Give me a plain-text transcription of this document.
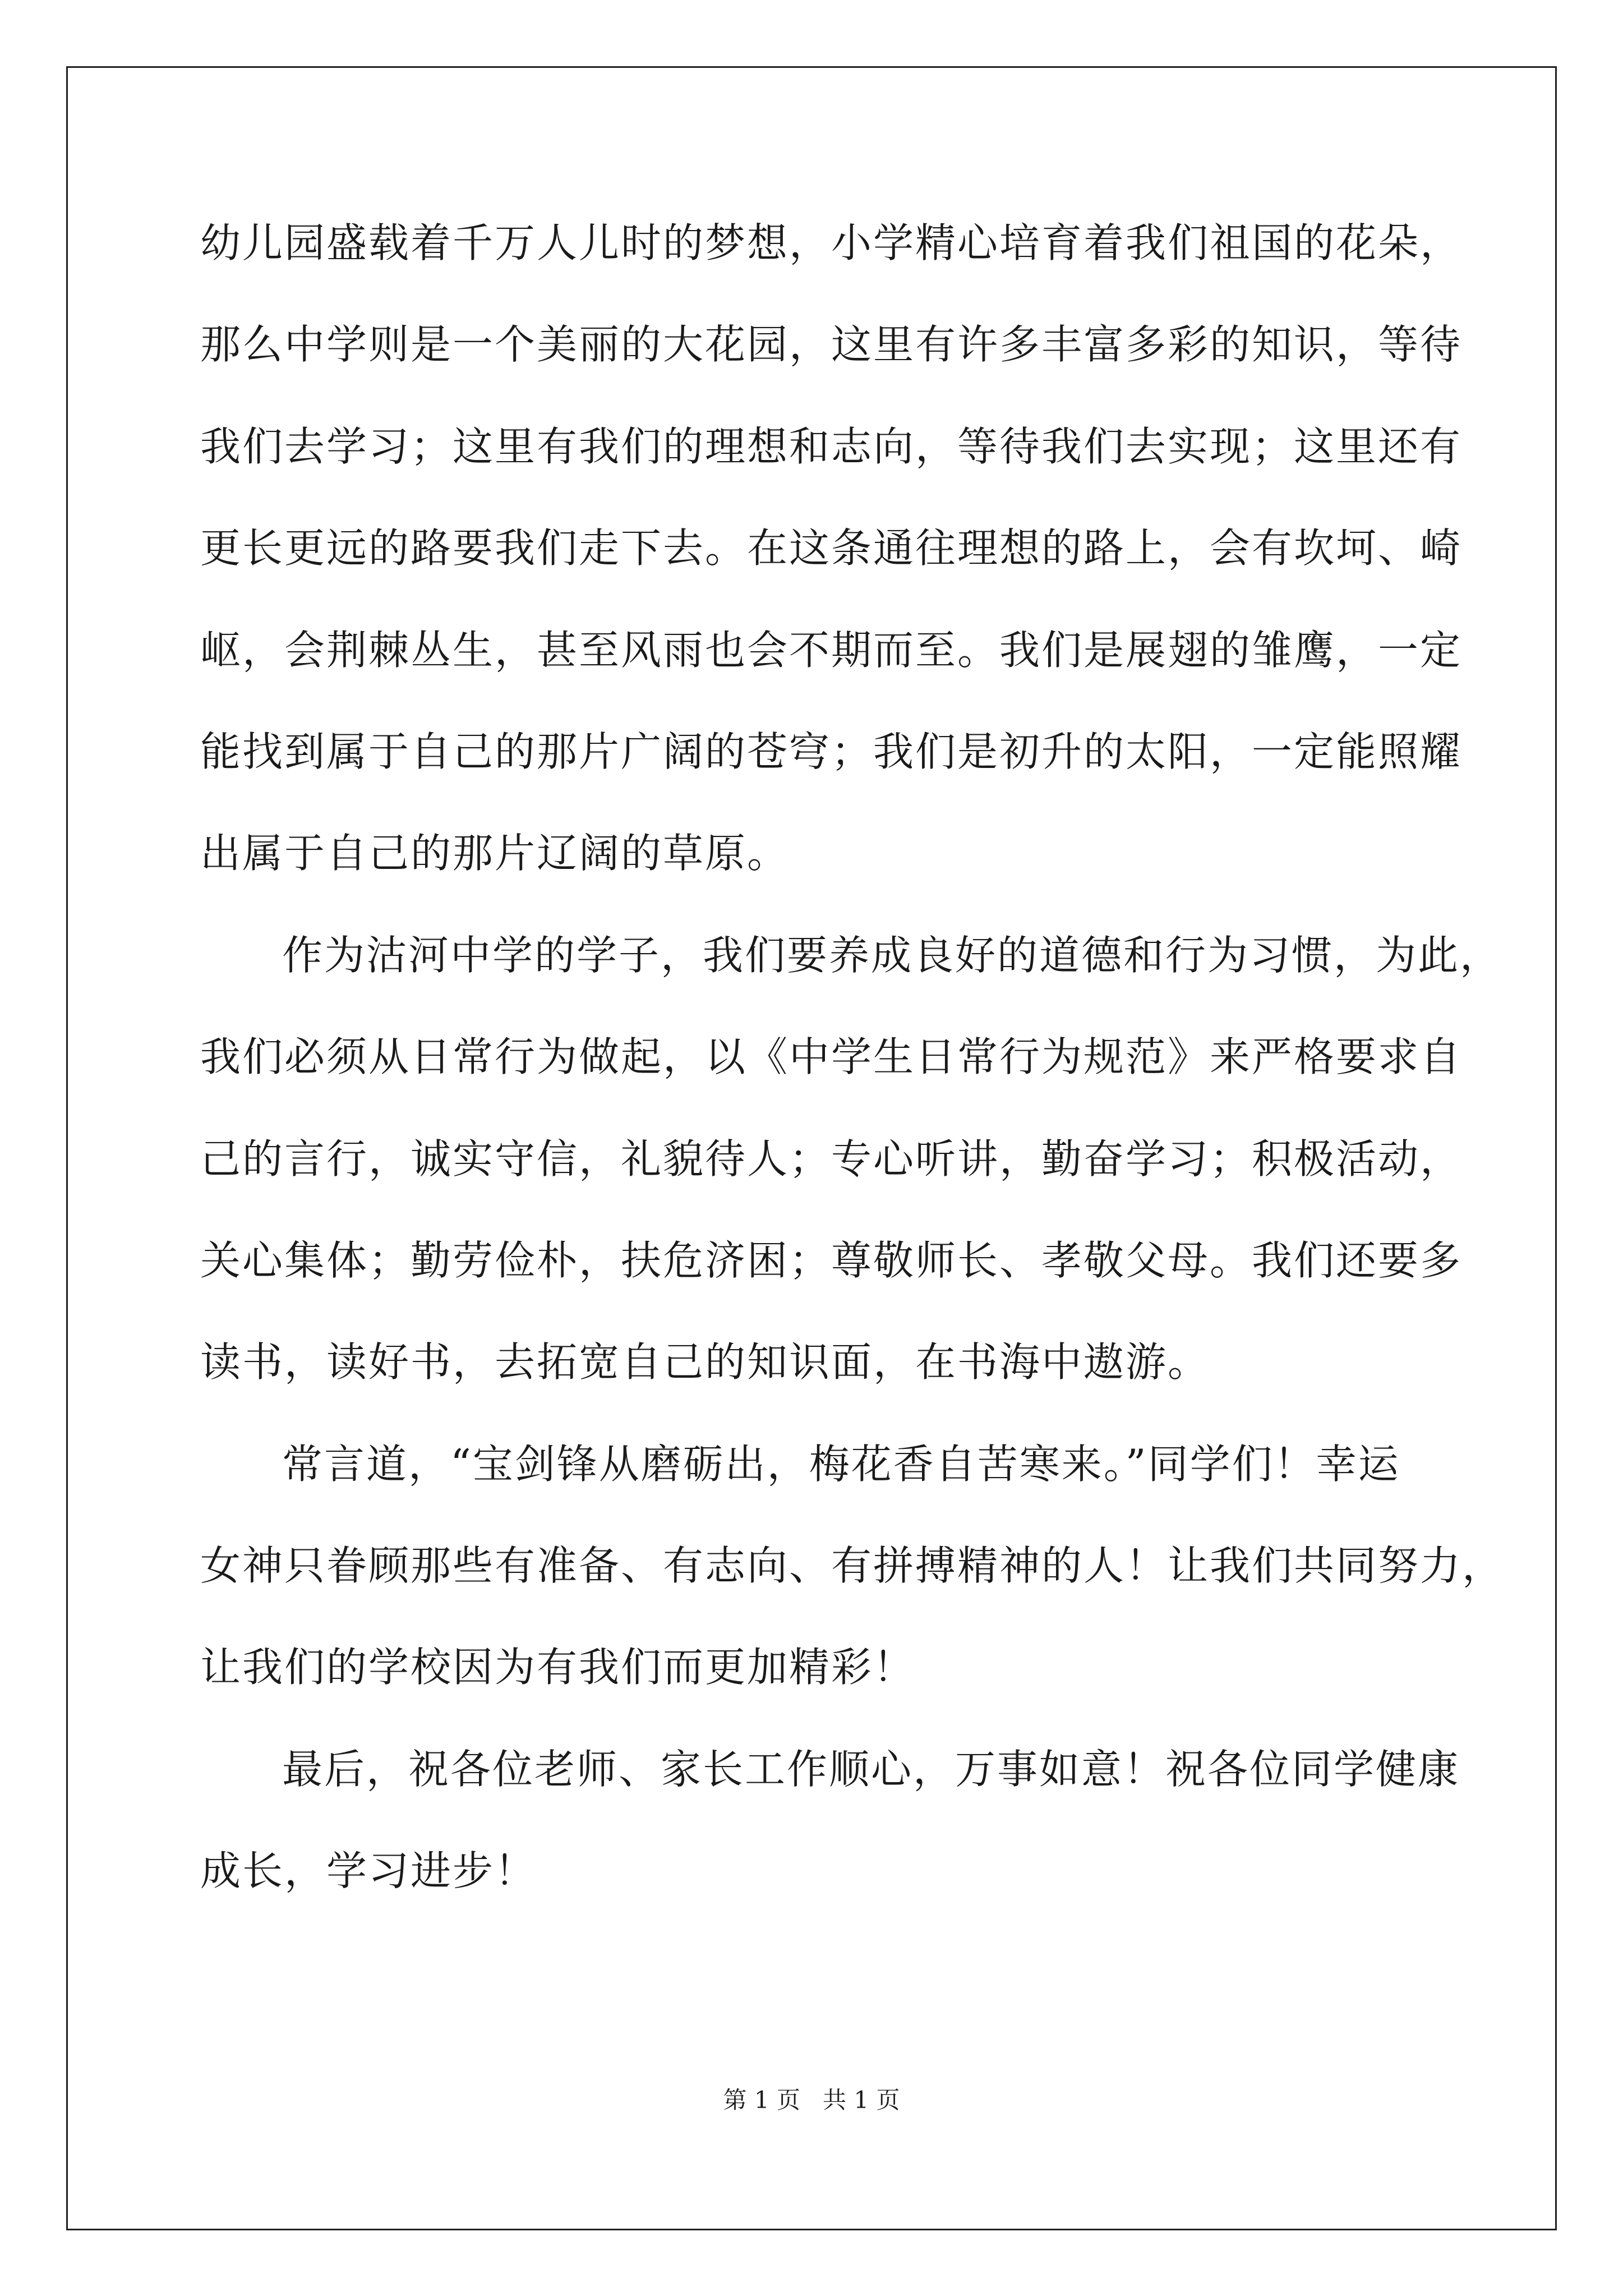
幼儿园盛载着千万人儿时的梦想，小学精心培育着我们祖国的花朵，
那么中学则是一个美丽的大花园，这里有许多丰富多彩的知识，等待
我们去学习；这里有我们的理想和志向，等待我们去实现；这里还有
更长更远的路要我们走下去。在这条通往理想的路上，会有坎坷、崎
岖，会荆棘丛生，甚至风雨也会不期而至。我们是展翅的雏鹰，一定
能找到属于自己的那片广阔的苍穹；我们是初升的太阳，一定能照耀
出属于自己的那片辽阔的草原。
作为沽河中学的学子，我们要养成良好的道德和行为习惯，为此，
我们必须从日常行为做起，以《中学生日常行为规范》来严格要求自
己的言行，诚实守信，礼貌待人；专心听讲，勤奋学习；积极活动，
关心集体；勤劳俭朴，扶危济困；尊敬师长、孝敬父母。我们还要多
读书，读好书，去拓宽自己的知识面，在书海中遨游。
常言道，“宝剑锋从磨砺出，梅花香自苦寒来。”同学们！幸运
女神只眷顾那些有准备、有志向、有拼搏精神的人！让我们共同努力，
让我们的学校因为有我们而更加精彩！
最后，祝各位老师、家长工作顺心，万事如意！祝各位同学健康
成长，学习进步！
第 1 页   共 1 页
